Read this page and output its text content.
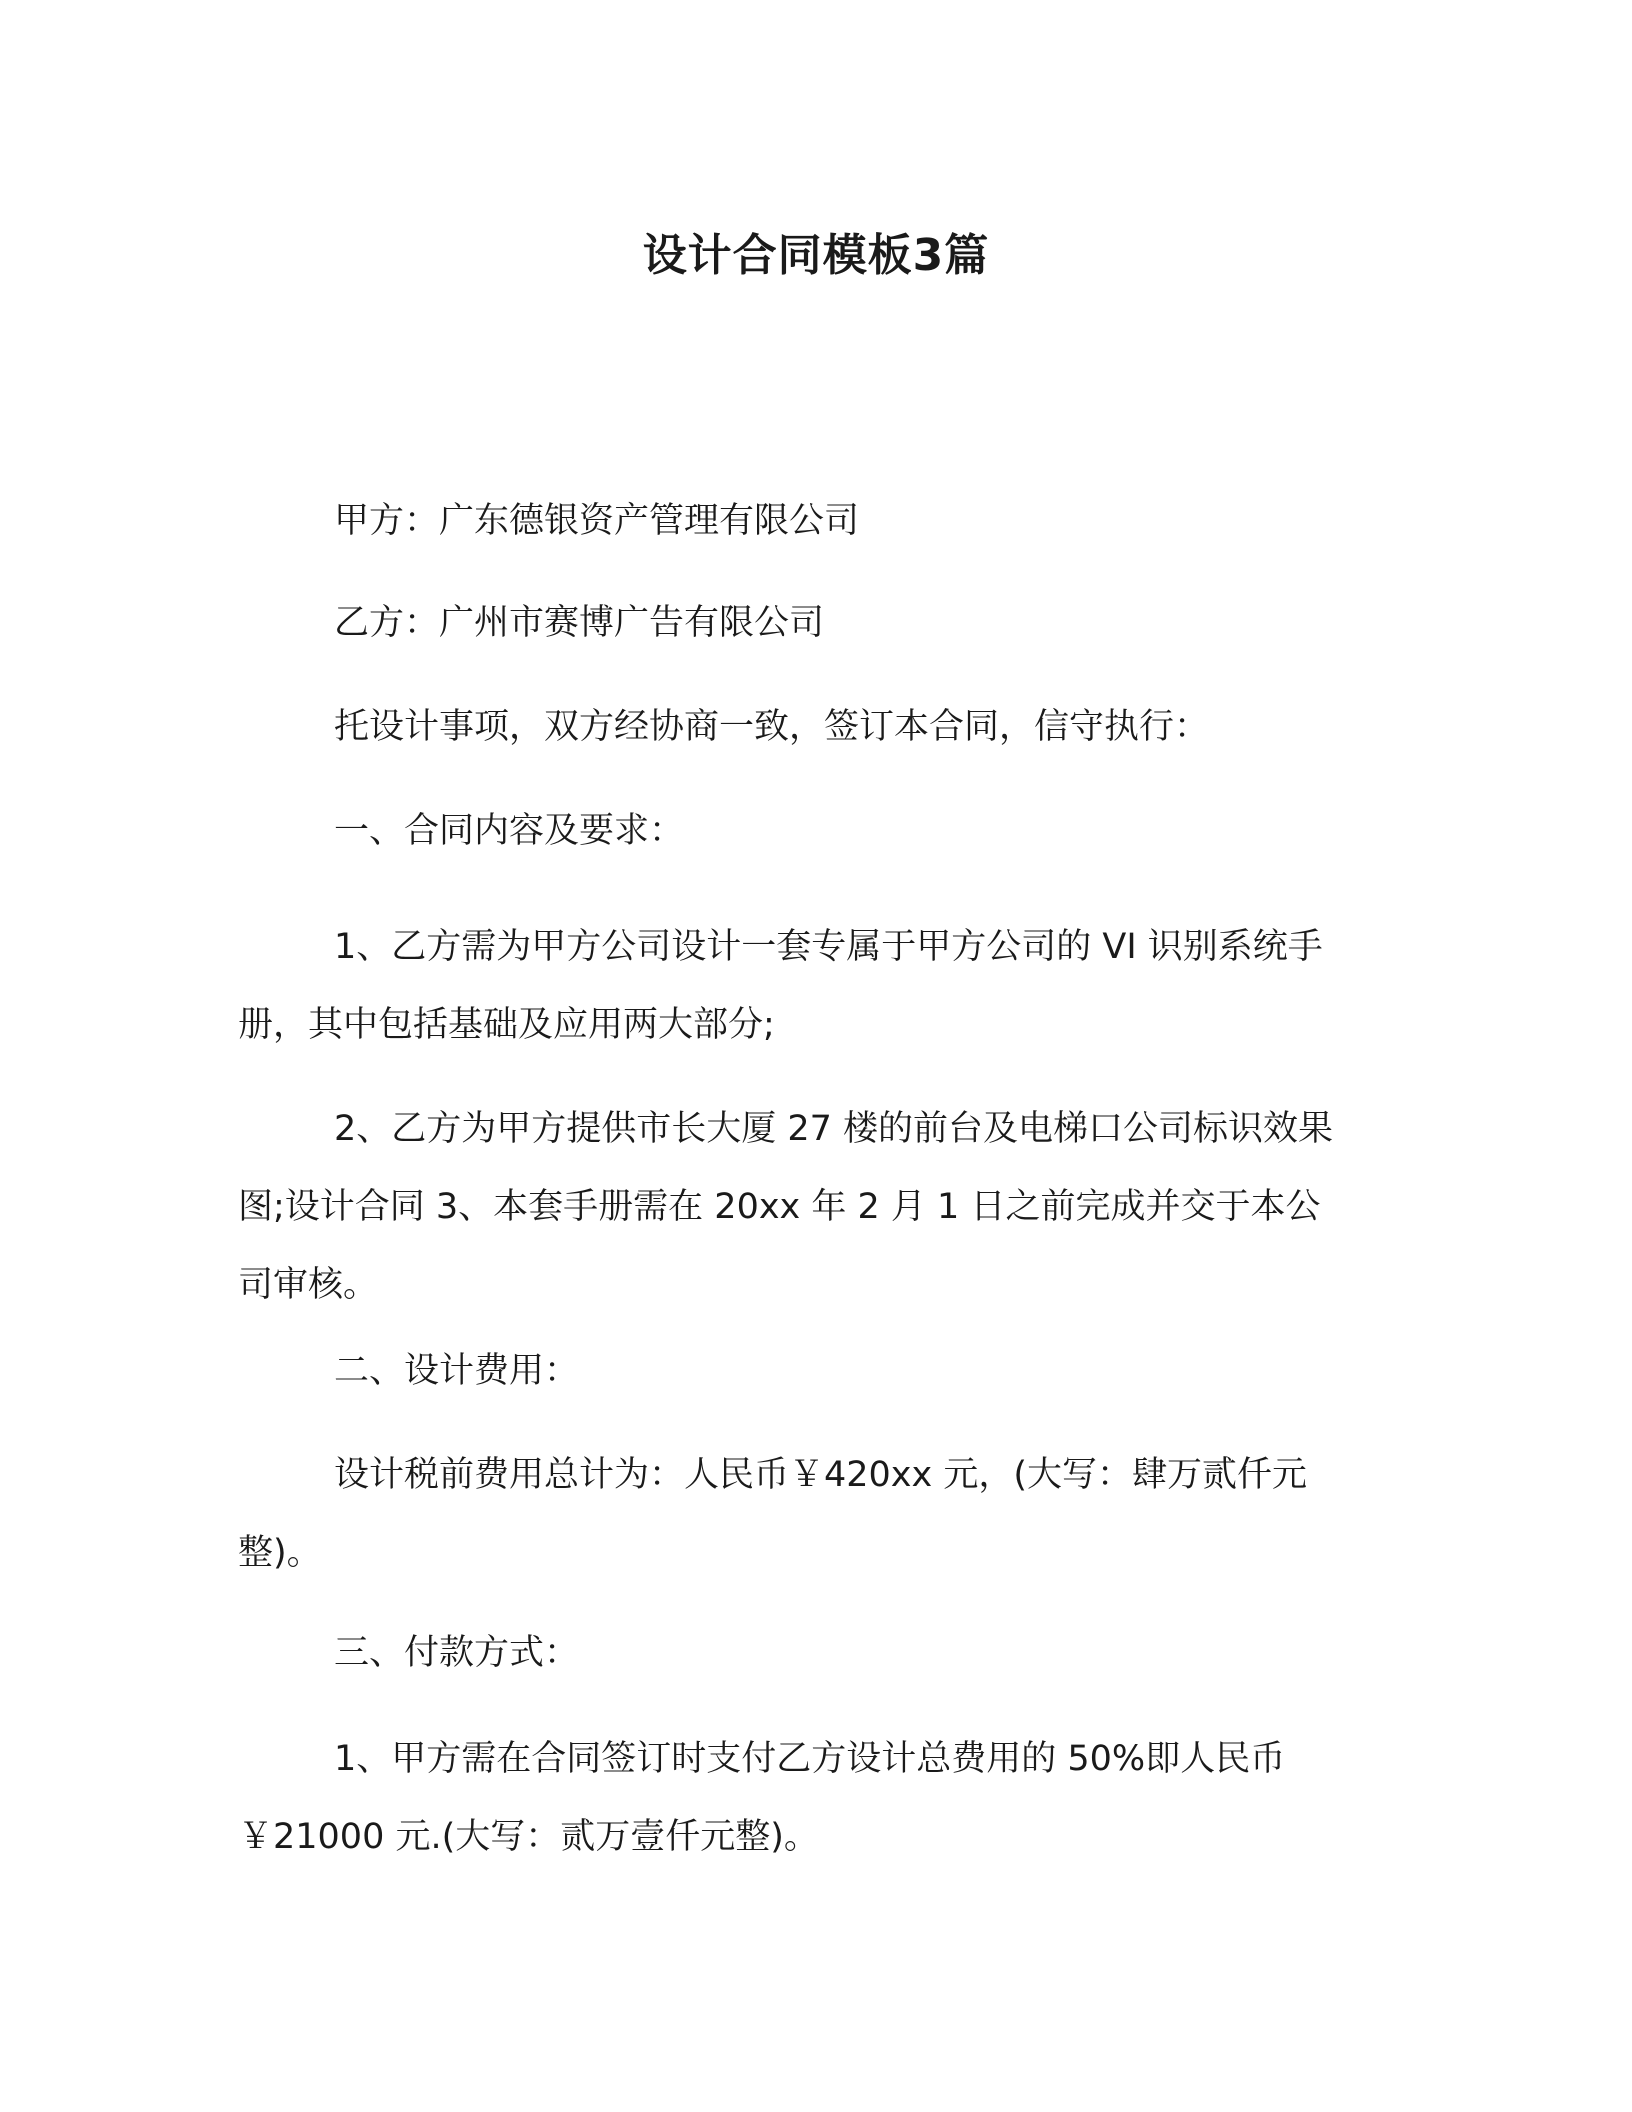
设计合同模板3篇
甲方：广东德银资产管理有限公司
乙方：广州市赛博广告有限公司
托设计事项，双方经协商一致，签订本合同，信守执行：
一、合同内容及要求：
1、乙方需为甲方公司设计一套专属于甲方公司的 VI 识别系统手
册，其中包括基础及应用两大部分;
2、乙方为甲方提供市长大厦 27 楼的前台及电梯口公司标识效果
图;设计合同 3、本套手册需在 20xx 年 2 月 1 日之前完成并交于本公
司审核。
二、设计费用：
设计税前费用总计为：人民币￥420xx 元，(大写：肆万贰仟元
整)。
三、付款方式：
1、甲方需在合同签订时支付乙方设计总费用的 50%即人民币
￥21000 元.(大写：贰万壹仟元整)。
